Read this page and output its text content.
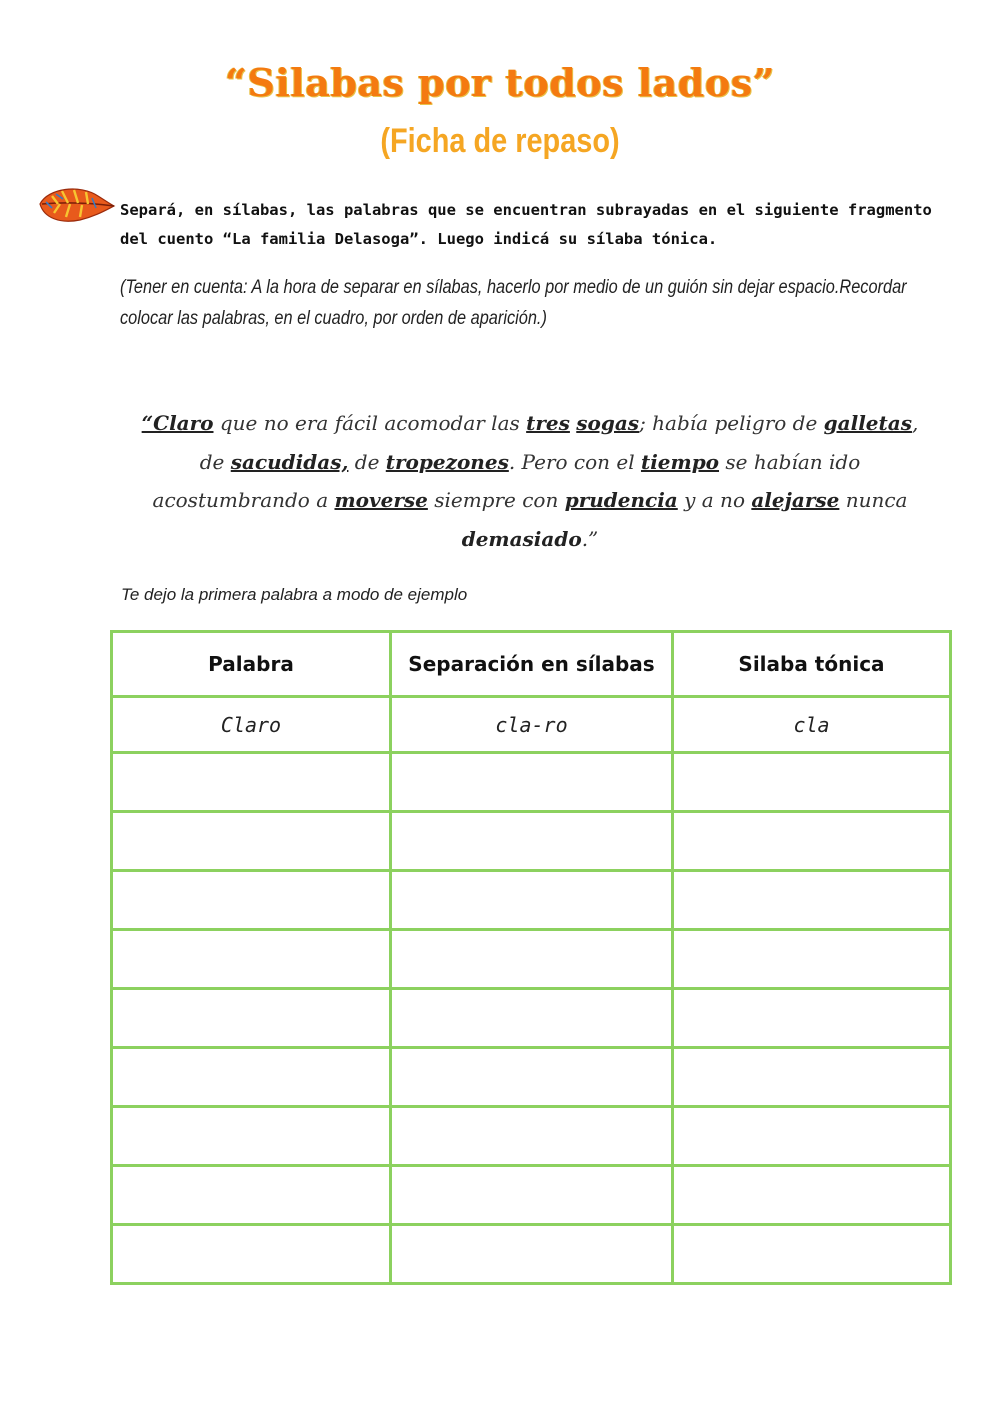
“Silabas por todos lados”
(Ficha de repaso)
Separá, en sílabas, las palabras que se encuentran subrayadas en el siguiente fragmento del cuento “La familia Delasoga”. Luego indicá su sílaba tónica.
(Tener en cuenta: A la hora de separar en sílabas, hacerlo por medio de un guión sin dejar espacio.Recordar colocar las palabras, en el cuadro, por orden de aparición.)
“Claro que no era fácil acomodar las tres sogas; había peligro de galletas, de sacudidas, de tropezones. Pero con el tiempo se habían ido acostumbrando a moverse siempre con prudencia y a no alejarse nunca demasiado.”
Te dejo la primera palabra a modo de ejemplo
Palabra	Separación en sílabas	Silaba tónica
Claro	cla-ro	cla
